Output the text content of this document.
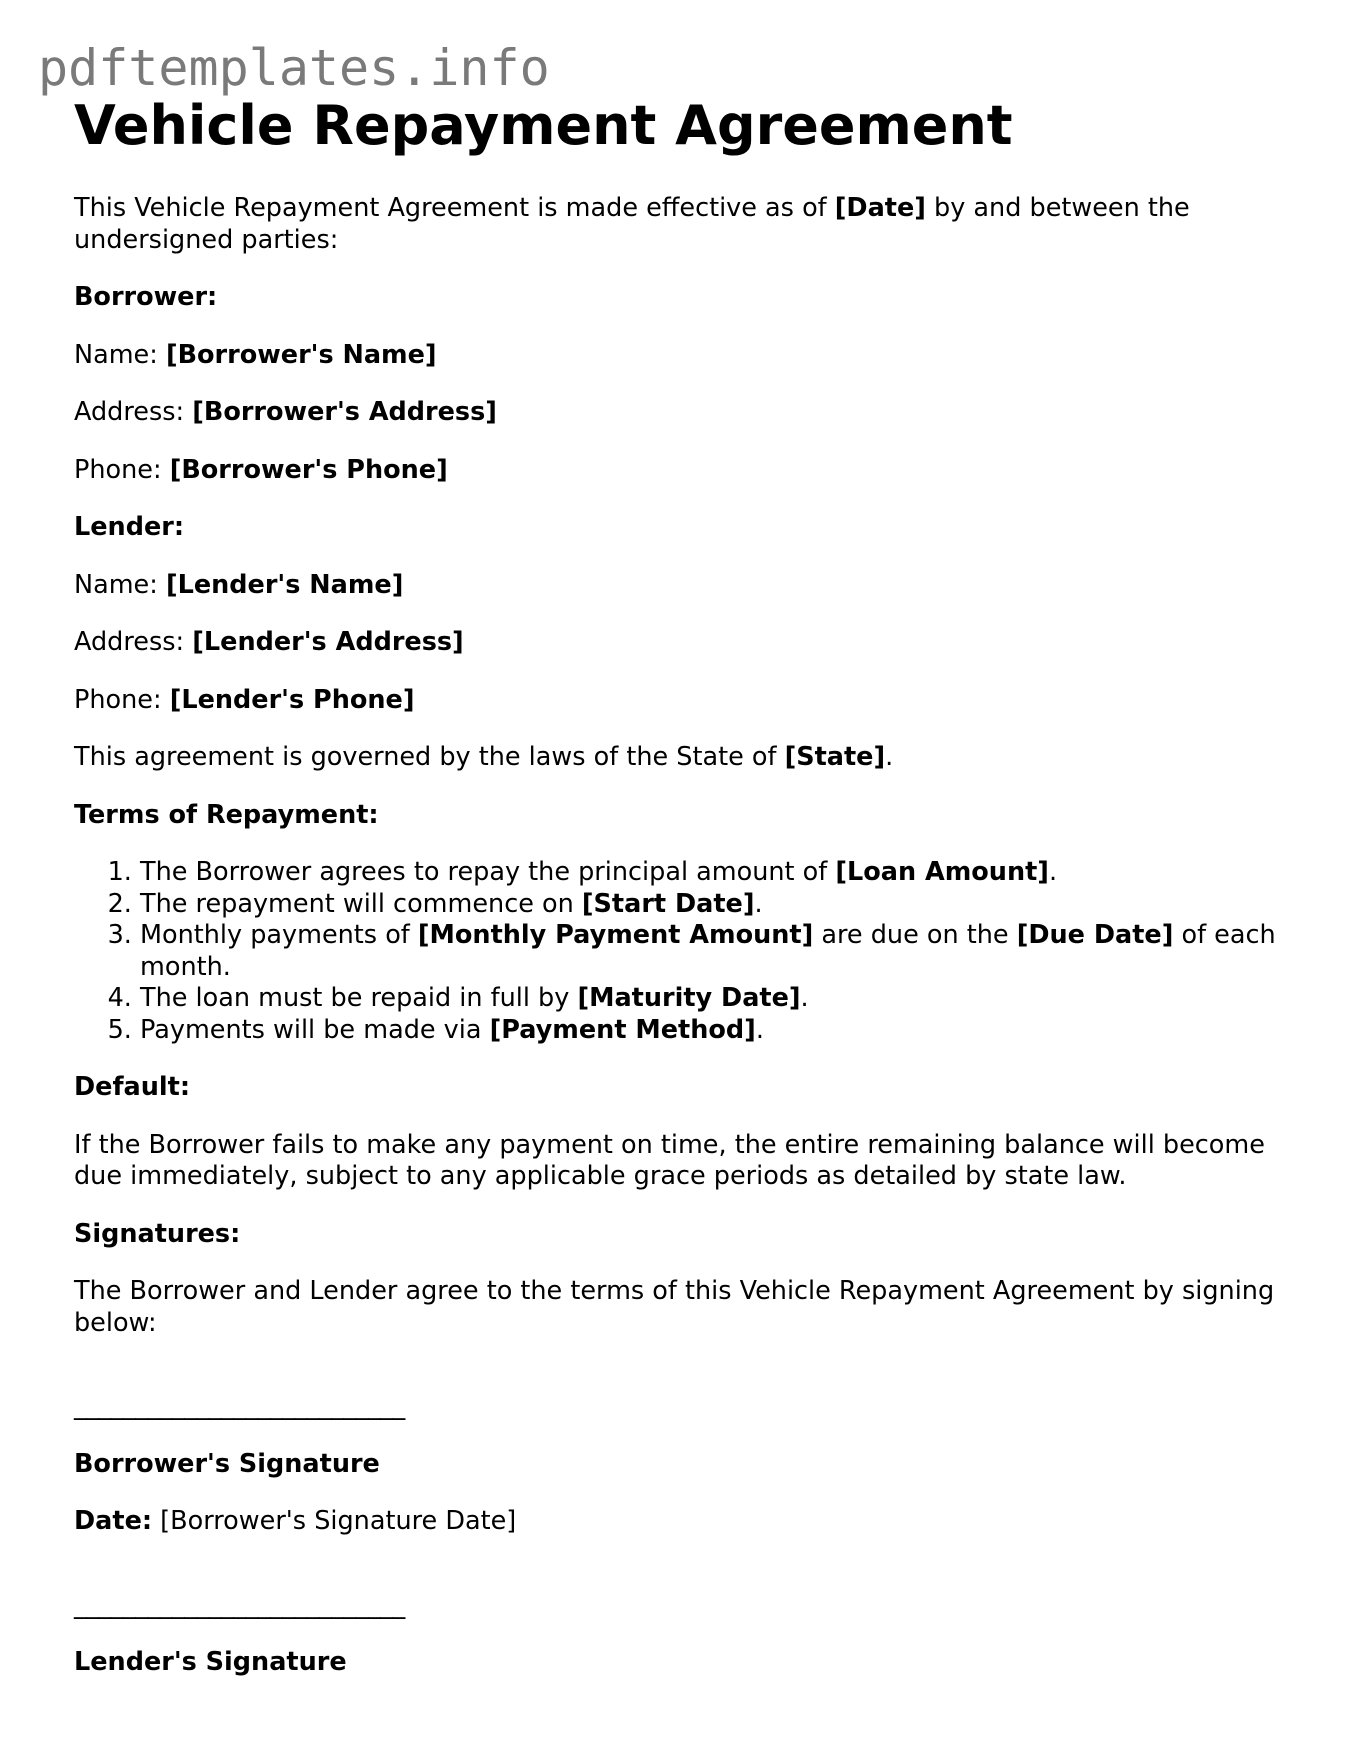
pdftemplates.info
Vehicle Repayment Agreement

This Vehicle Repayment Agreement is made effective as of [Date] by and between the undersigned parties:

Borrower:

Name: [Borrower's Name]

Address: [Borrower's Address]

Phone: [Borrower's Phone]

Lender:

Name: [Lender's Name]

Address: [Lender's Address]

Phone: [Lender's Phone]

This agreement is governed by the laws of the State of [State].

Terms of Repayment:

1. The Borrower agrees to repay the principal amount of [Loan Amount].
2. The repayment will commence on [Start Date].
3. Monthly payments of [Monthly Payment Amount] are due on the [Due Date] of each month.
4. The loan must be repaid in full by [Maturity Date].
5. Payments will be made via [Payment Method].

Default:

If the Borrower fails to make any payment on time, the entire remaining balance will become due immediately, subject to any applicable grace periods as detailed by state law.

Signatures:

The Borrower and Lender agree to the terms of this Vehicle Repayment Agreement by signing below:

___________________________

Borrower's Signature

Date: [Borrower's Signature Date]

___________________________

Lender's Signature
